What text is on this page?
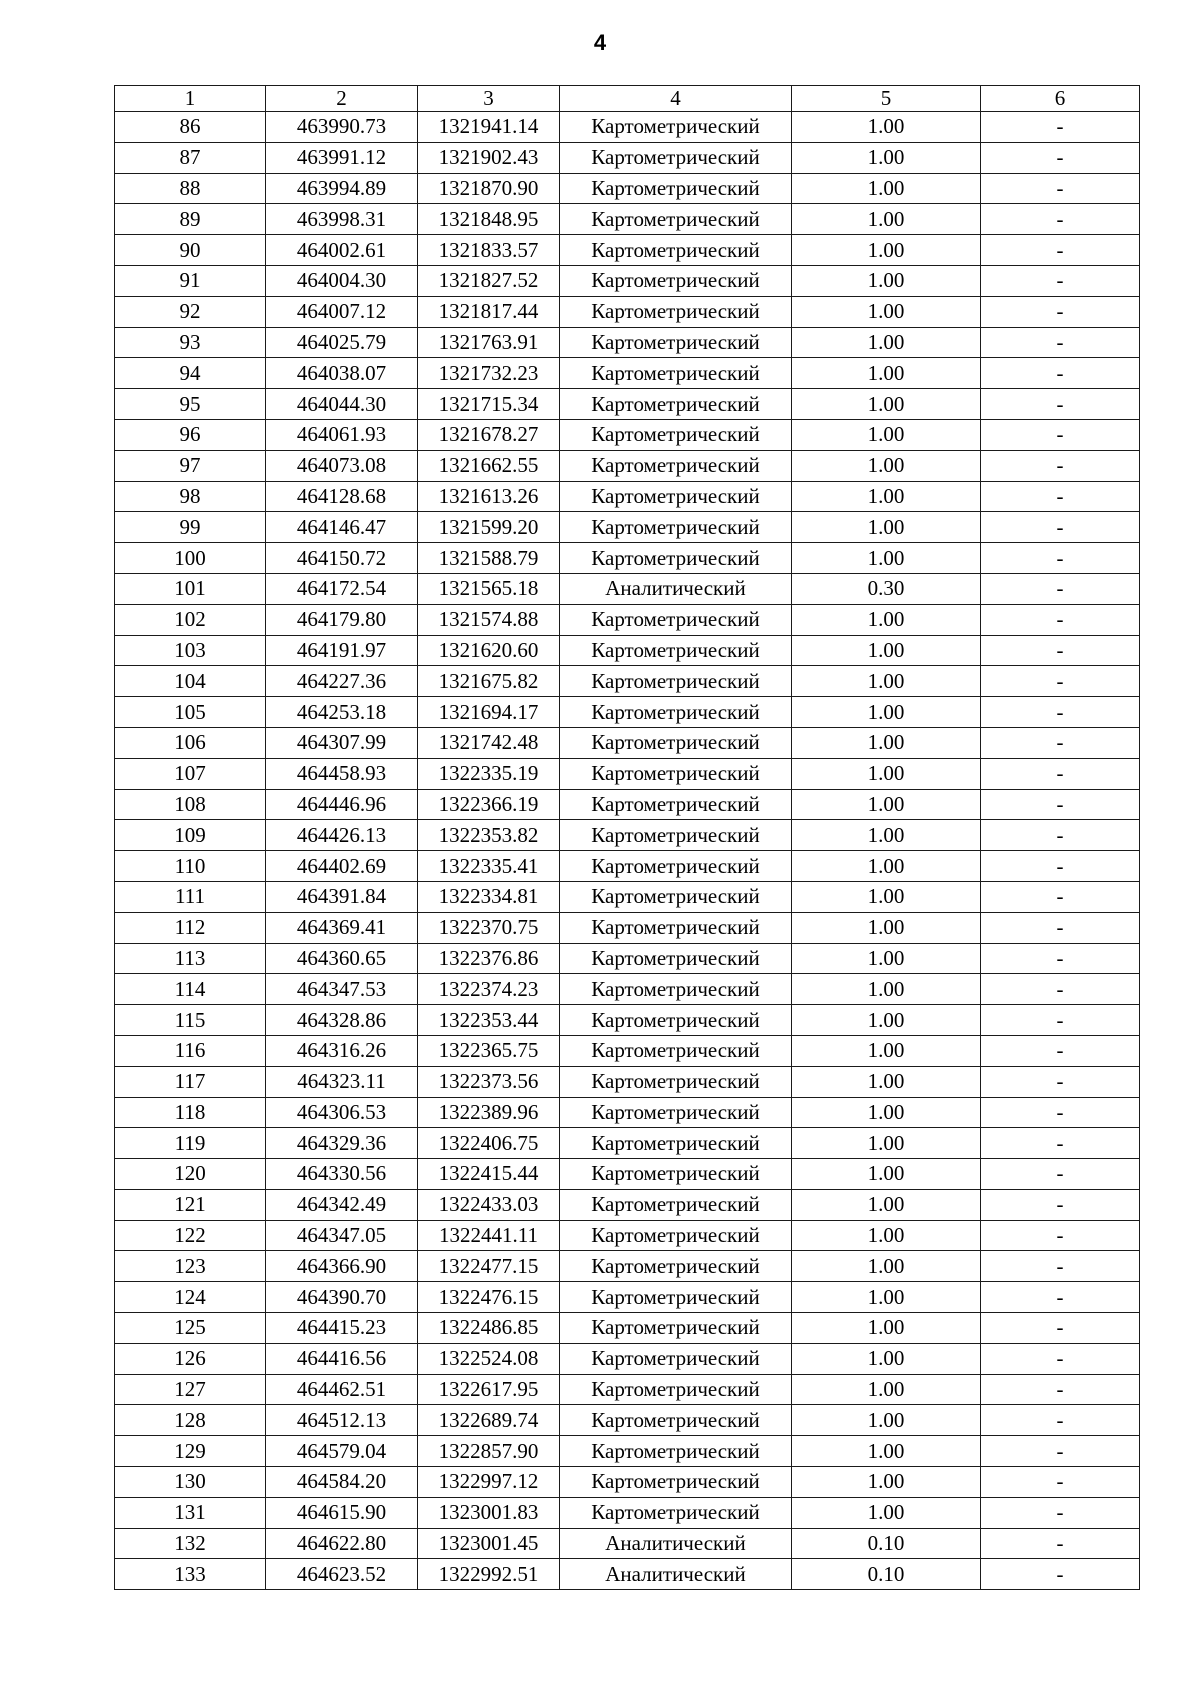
4
1	2	3	4	5	6
86	463990.73	1321941.14	Картометрический	1.00	-
87	463991.12	1321902.43	Картометрический	1.00	-
88	463994.89	1321870.90	Картометрический	1.00	-
89	463998.31	1321848.95	Картометрический	1.00	-
90	464002.61	1321833.57	Картометрический	1.00	-
91	464004.30	1321827.52	Картометрический	1.00	-
92	464007.12	1321817.44	Картометрический	1.00	-
93	464025.79	1321763.91	Картометрический	1.00	-
94	464038.07	1321732.23	Картометрический	1.00	-
95	464044.30	1321715.34	Картометрический	1.00	-
96	464061.93	1321678.27	Картометрический	1.00	-
97	464073.08	1321662.55	Картометрический	1.00	-
98	464128.68	1321613.26	Картометрический	1.00	-
99	464146.47	1321599.20	Картометрический	1.00	-
100	464150.72	1321588.79	Картометрический	1.00	-
101	464172.54	1321565.18	Аналитический	0.30	-
102	464179.80	1321574.88	Картометрический	1.00	-
103	464191.97	1321620.60	Картометрический	1.00	-
104	464227.36	1321675.82	Картометрический	1.00	-
105	464253.18	1321694.17	Картометрический	1.00	-
106	464307.99	1321742.48	Картометрический	1.00	-
107	464458.93	1322335.19	Картометрический	1.00	-
108	464446.96	1322366.19	Картометрический	1.00	-
109	464426.13	1322353.82	Картометрический	1.00	-
110	464402.69	1322335.41	Картометрический	1.00	-
111	464391.84	1322334.81	Картометрический	1.00	-
112	464369.41	1322370.75	Картометрический	1.00	-
113	464360.65	1322376.86	Картометрический	1.00	-
114	464347.53	1322374.23	Картометрический	1.00	-
115	464328.86	1322353.44	Картометрический	1.00	-
116	464316.26	1322365.75	Картометрический	1.00	-
117	464323.11	1322373.56	Картометрический	1.00	-
118	464306.53	1322389.96	Картометрический	1.00	-
119	464329.36	1322406.75	Картометрический	1.00	-
120	464330.56	1322415.44	Картометрический	1.00	-
121	464342.49	1322433.03	Картометрический	1.00	-
122	464347.05	1322441.11	Картометрический	1.00	-
123	464366.90	1322477.15	Картометрический	1.00	-
124	464390.70	1322476.15	Картометрический	1.00	-
125	464415.23	1322486.85	Картометрический	1.00	-
126	464416.56	1322524.08	Картометрический	1.00	-
127	464462.51	1322617.95	Картометрический	1.00	-
128	464512.13	1322689.74	Картометрический	1.00	-
129	464579.04	1322857.90	Картометрический	1.00	-
130	464584.20	1322997.12	Картометрический	1.00	-
131	464615.90	1323001.83	Картометрический	1.00	-
132	464622.80	1323001.45	Аналитический	0.10	-
133	464623.52	1322992.51	Аналитический	0.10	-
